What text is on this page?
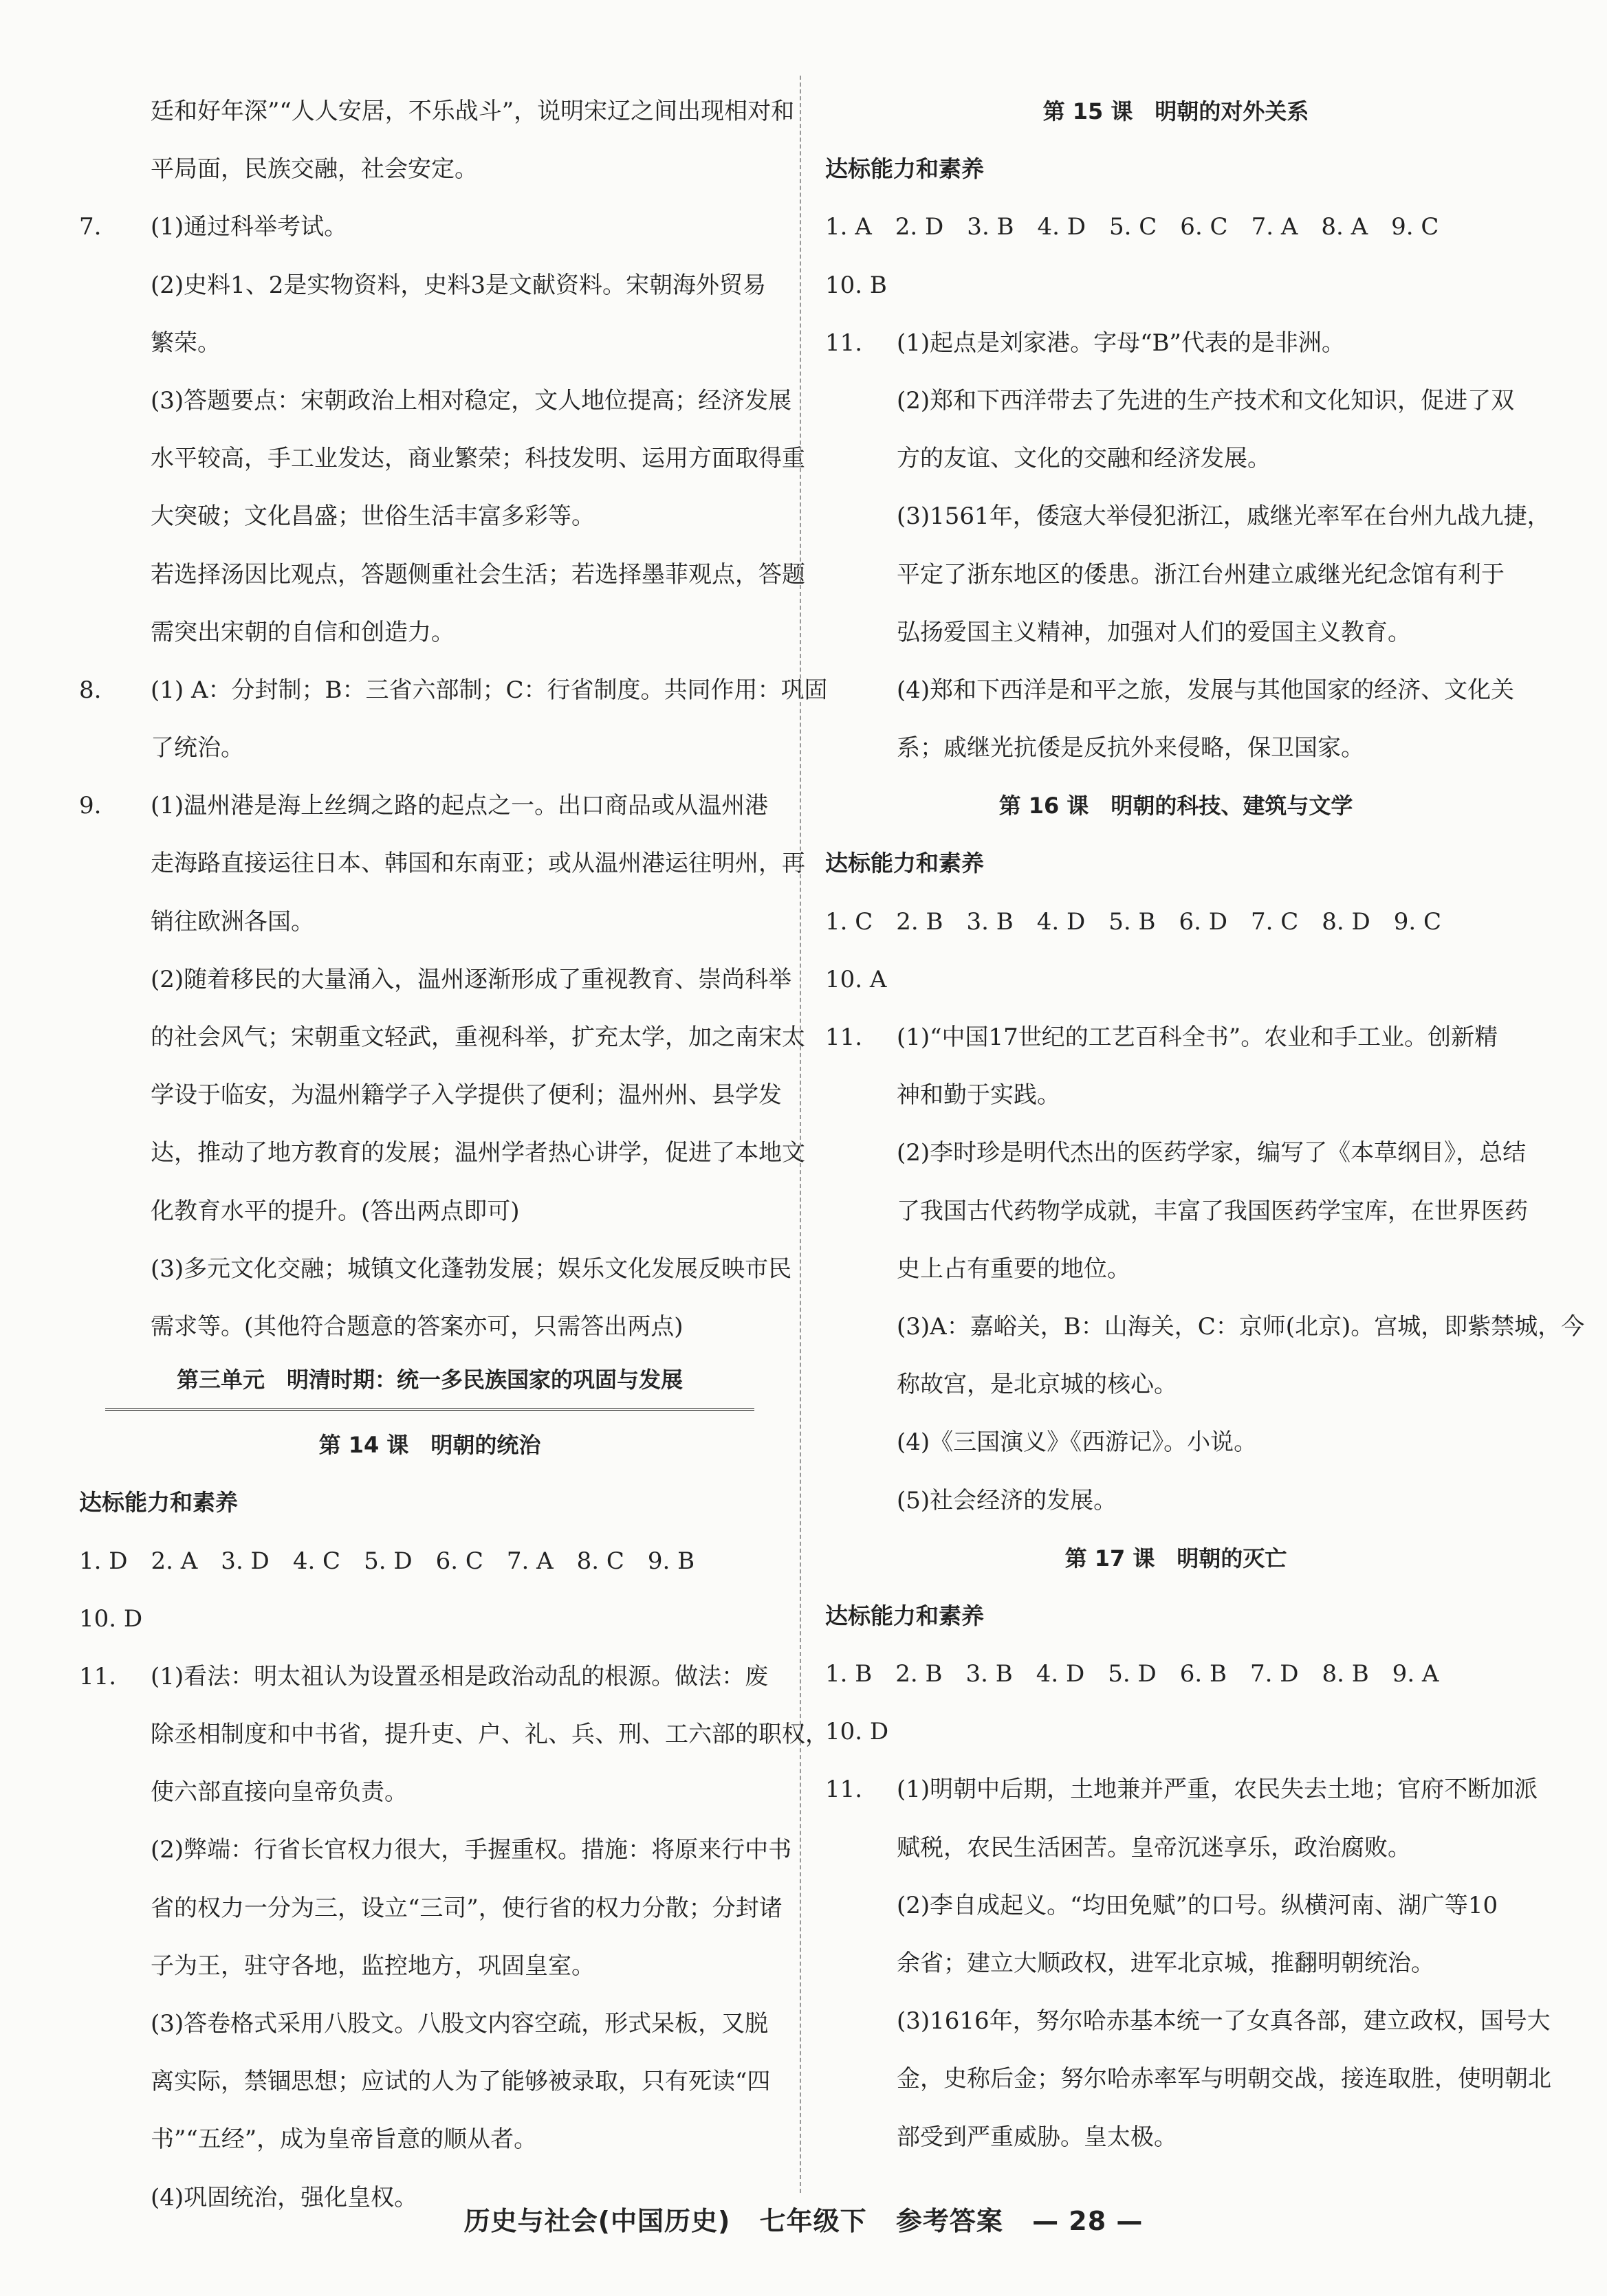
廷和好年深”“人人安居，不乐战斗”，说明宋辽之间出现相对和
平局面，民族交融，社会安定。
7. (1)通过科举考试。
(2)史料1、2是实物资料，史料3是文献资料。宋朝海外贸易
繁荣。
(3)答题要点：宋朝政治上相对稳定，文人地位提高；经济发展
水平较高，手工业发达，商业繁荣；科技发明、运用方面取得重
大突破；文化昌盛；世俗生活丰富多彩等。
若选择汤因比观点，答题侧重社会生活；若选择墨菲观点，答题
需突出宋朝的自信和创造力。
8. (1) A：分封制；B：三省六部制；C：行省制度。共同作用：巩固
了统治。
9. (1)温州港是海上丝绸之路的起点之一。出口商品或从温州港
走海路直接运往日本、韩国和东南亚；或从温州港运往明州，再
销往欧洲各国。
(2)随着移民的大量涌入，温州逐渐形成了重视教育、崇尚科举
的社会风气；宋朝重文轻武，重视科举，扩充太学，加之南宋太
学设于临安，为温州籍学子入学提供了便利；温州州、县学发
达，推动了地方教育的发展；温州学者热心讲学，促进了本地文
化教育水平的提升。(答出两点即可)
(3)多元文化交融；城镇文化蓬勃发展；娱乐文化发展反映市民
需求等。(其他符合题意的答案亦可，只需答出两点)
第三单元　明清时期：统一多民族国家的巩固与发展
第 14 课　明朝的统治
达标能力和素养
1. D　2. A　3. D　4. C　5. D　6. C　7. A　8. C　9. B
10. D
11. (1)看法：明太祖认为设置丞相是政治动乱的根源。做法：废
除丞相制度和中书省，提升吏、户、礼、兵、刑、工六部的职权，
使六部直接向皇帝负责。
(2)弊端：行省长官权力很大，手握重权。措施：将原来行中书
省的权力一分为三，设立“三司”，使行省的权力分散；分封诸
子为王，驻守各地，监控地方，巩固皇室。
(3)答卷格式采用八股文。八股文内容空疏，形式呆板，又脱
离实际，禁锢思想；应试的人为了能够被录取，只有死读“四
书”“五经”，成为皇帝旨意的顺从者。
(4)巩固统治，强化皇权。
第 15 课　明朝的对外关系
达标能力和素养
1. A　2. D　3. B　4. D　5. C　6. C　7. A　8. A　9. C
10. B
11. (1)起点是刘家港。字母“B”代表的是非洲。
(2)郑和下西洋带去了先进的生产技术和文化知识，促进了双
方的友谊、文化的交融和经济发展。
(3)1561年，倭寇大举侵犯浙江，戚继光率军在台州九战九捷，
平定了浙东地区的倭患。浙江台州建立戚继光纪念馆有利于
弘扬爱国主义精神，加强对人们的爱国主义教育。
(4)郑和下西洋是和平之旅，发展与其他国家的经济、文化关
系；戚继光抗倭是反抗外来侵略，保卫国家。
第 16 课　明朝的科技、建筑与文学
达标能力和素养
1. C　2. B　3. B　4. D　5. B　6. D　7. C　8. D　9. C
10. A
11. (1)“中国17世纪的工艺百科全书”。农业和手工业。创新精
神和勤于实践。
(2)李时珍是明代杰出的医药学家，编写了《本草纲目》，总结
了我国古代药物学成就，丰富了我国医药学宝库，在世界医药
史上占有重要的地位。
(3)A：嘉峪关，B：山海关，C：京师(北京)。宫城，即紫禁城，今
称故宫，是北京城的核心。
(4)《三国演义》《西游记》。小说。
(5)社会经济的发展。
第 17 课　明朝的灭亡
达标能力和素养
1. B　2. B　3. B　4. D　5. D　6. B　7. D　8. B　9. A
10. D
11. (1)明朝中后期，土地兼并严重，农民失去土地；官府不断加派
赋税，农民生活困苦。皇帝沉迷享乐，政治腐败。
(2)李自成起义。“均田免赋”的口号。纵横河南、湖广等10
余省；建立大顺政权，进军北京城，推翻明朝统治。
(3)1616年，努尔哈赤基本统一了女真各部，建立政权，国号大
金，史称后金；努尔哈赤率军与明朝交战，接连取胜，使明朝北
部受到严重威胁。皇太极。
历史与社会(中国历史) 七年级下 参考答案 — 28 —
